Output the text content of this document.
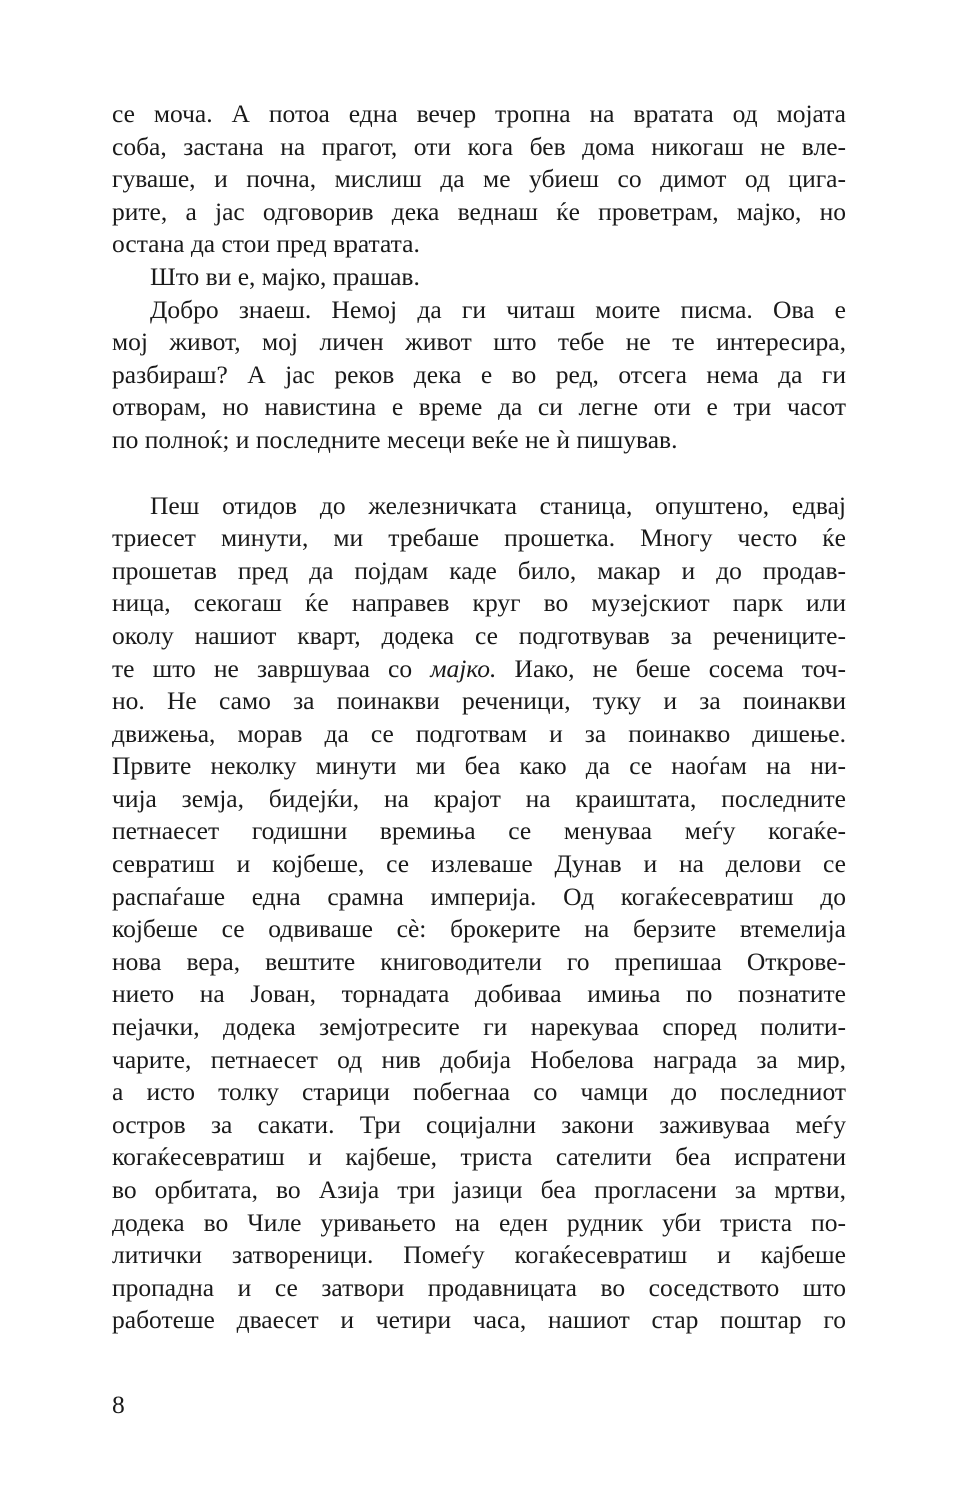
се моча. А потоа една вечер тропна на вратата од мојата
соба, застана на прагот, оти кога бев дома никогаш не вле-
гуваше, и почна, мислиш да ме убиеш со димот од цига-
рите, а јас одговорив дека веднаш ќе проветрам, мајко, но
остана да стои пред вратата.
Што ви е, мајко, прашав.
Добро знаеш. Немој да ги читаш моите писма. Ова е
мој живот, мој личен живот што тебе не те интересира,
разбираш? А јас реков дека е во ред, отсега нема да ги
отворам, но навистина е време да си легне оти е три часот
по полноќ; и последните месеци веќе не ѝ пишував.
Пеш отидов до железничката станица, опуштено, едвај
триесет минути, ми требаше прошетка. Многу често ќе
прошетав пред да појдам каде било, макар и до продав-
ница, секогаш ќе направев круг во музејскиот парк или
околу нашиот кварт, додека се подготвував за речениците-
те што не завршуваа со мајко. Иако, не беше сосема точ-
но. Не само за поинакви реченици, туку и за поинакви
движења, морав да се подготвам и за поинакво дишење.
Првите неколку минути ми беа како да се наоѓам на ни-
чија земја, бидејќи, на крајот на краиштата, последните
петнаесет годишни времиња се менуваа меѓу когаќе-
севратиш и којбеше, се излеваше Дунав и на делови се
распаѓаше една срамна империја. Од когаќесевратиш до
којбеше се одвиваше сè: брокерите на берзите втемелија
нова вера, вештите книговодители го препишаа Открове-
нието на Јован, торнадата добиваа имиња по познатите
пејачки, додека земјотресите ги нарекуваа според полити-
чарите, петнаесет од нив добија Нобелова награда за мир,
а исто толку старици побегнаа со чамци до последниот
остров за сакати. Три социјални закони заживуваа меѓу
когаќесевратиш и кајбеше, триста сателити беа испратени
во орбитата, во Азија три јазици беа прогласени за мртви,
додека во Чиле уривањето на еден рудник уби триста по-
литички затвореници. Помеѓу когаќесевратиш и кајбеше
пропадна и се затвори продавницата во соседството што
работеше дваесет и четири часа, нашиот стар поштар го
8
